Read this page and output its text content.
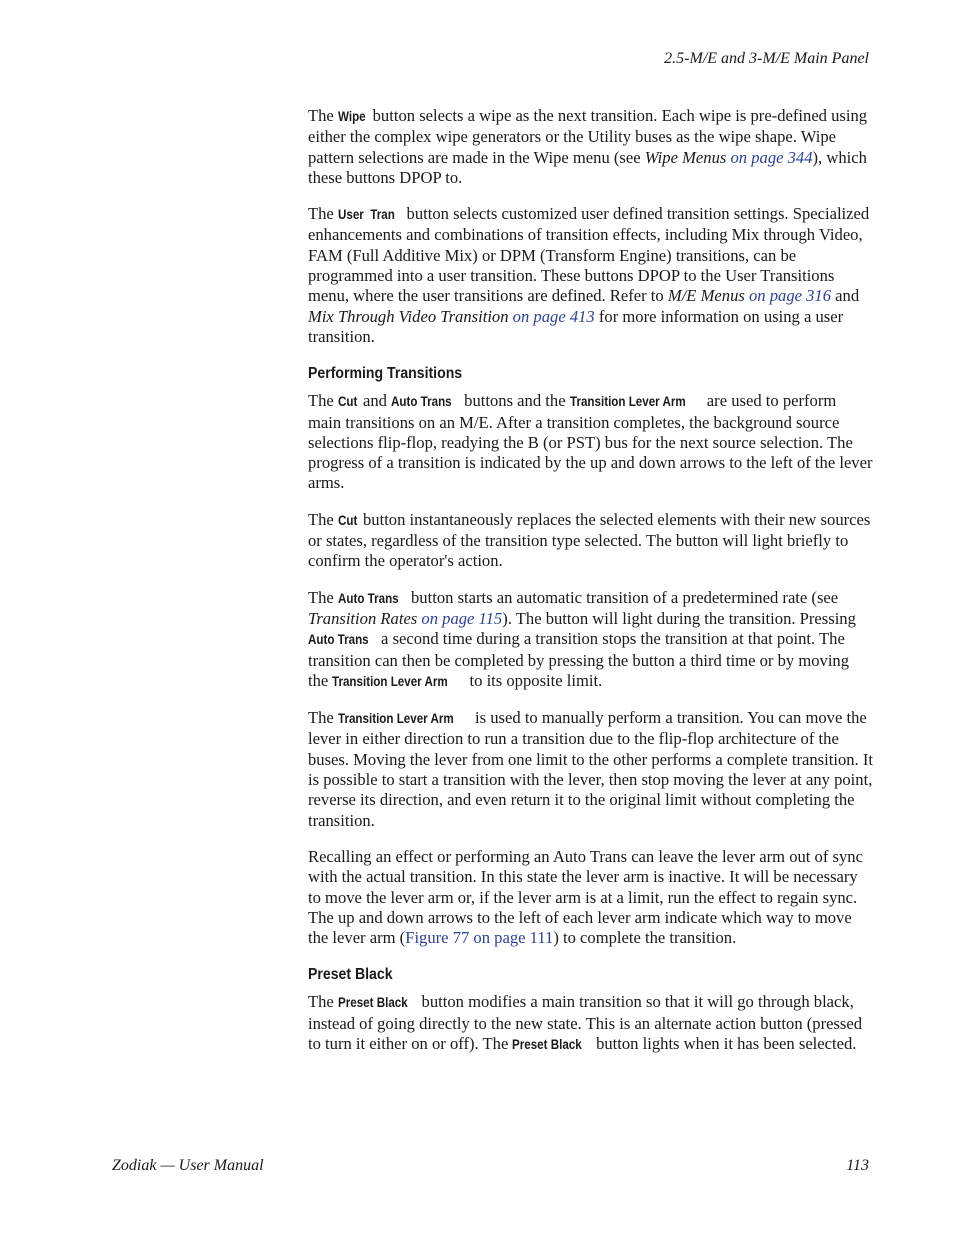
2.5-M/E and 3-M/E Main Panel

The Wipe button selects a wipe as the next transition. Each wipe is pre-defined using either the complex wipe generators or the Utility buses as the wipe shape. Wipe pattern selections are made in the Wipe menu (see Wipe Menus on page 344), which these buttons DPOP to.

The User  Tran button selects customized user defined transition settings. Specialized enhancements and combinations of transition effects, including Mix through Video, FAM (Full Additive Mix) or DPM (Transform Engine) transitions, can be programmed into a user transition. These buttons DPOP to the User Transitions menu, where the user transitions are defined. Refer to M/E Menus on page 316 and Mix Through Video Transition on page 413 for more information on using a user transition.

Performing Transitions

The Cut and Auto Trans buttons and the Transition Lever Arm are used to perform main transitions on an M/E. After a transition completes, the background source selections flip-flop, readying the B (or PST) bus for the next source selection. The progress of a transition is indicated by the up and down arrows to the left of the lever arms.

The Cut button instantaneously replaces the selected elements with their new sources or states, regardless of the transition type selected. The button will light briefly to confirm the operator's action.

The Auto Trans button starts an automatic transition of a predetermined rate (see Transition Rates on page 115). The button will light during the transition. Pressing Auto Trans a second time during a transition stops the transition at that point. The transition can then be completed by pressing the button a third time or by moving the Transition Lever Arm to its opposite limit.

The Transition Lever Arm is used to manually perform a transition. You can move the lever in either direction to run a transition due to the flip-flop architecture of the buses. Moving the lever from one limit to the other performs a complete transition. It is possible to start a transition with the lever, then stop moving the lever at any point, reverse its direction, and even return it to the original limit without completing the transition.

Recalling an effect or performing an Auto Trans can leave the lever arm out of sync with the actual transition. In this state the lever arm is inactive. It will be necessary to move the lever arm or, if the lever arm is at a limit, run the effect to regain sync. The up and down arrows to the left of each lever arm indicate which way to move the lever arm (Figure 77 on page 111) to complete the transition.

Preset Black

The Preset Black button modifies a main transition so that it will go through black, instead of going directly to the new state. This is an alternate action button (pressed to turn it either on or off). The Preset Black button lights when it has been selected.

Zodiak — User Manual	113
